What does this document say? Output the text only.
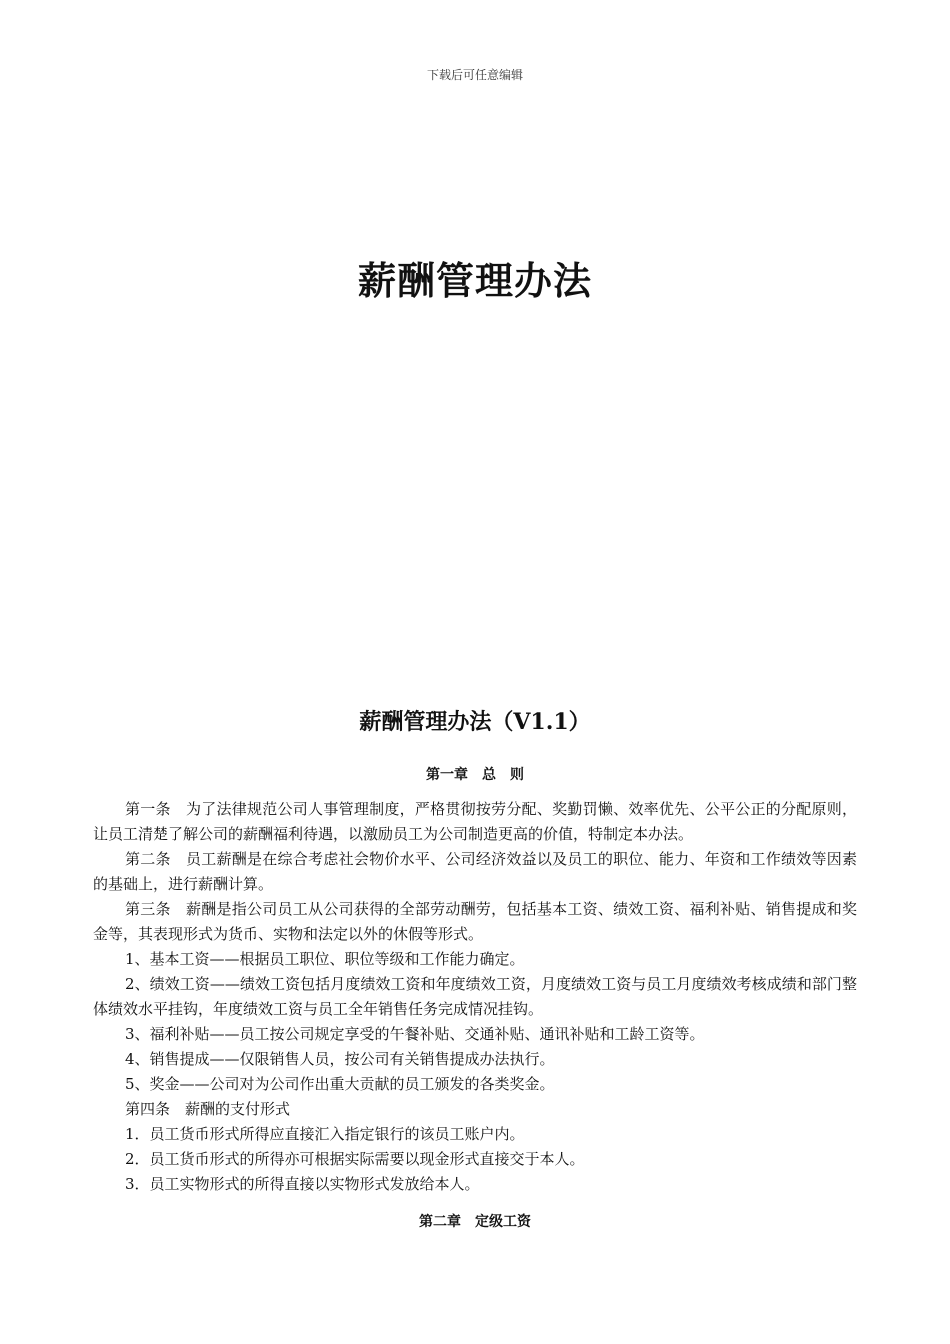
下载后可任意编辑
薪酬管理办法
薪酬管理办法（V1.1）
第一章　总　则

第一条　为了法律规范公司人事管理制度，严格贯彻按劳分配、奖勤罚懒、效率优先、公平公正的分配原则，让员工清楚了解公司的薪酬福利待遇，以激励员工为公司制造更高的价值，特制定本办法。

第二条　员工薪酬是在综合考虑社会物价水平、公司经济效益以及员工的职位、能力、年资和工作绩效等因素的基础上，进行薪酬计算。

第三条　薪酬是指公司员工从公司获得的全部劳动酬劳，包括基本工资、绩效工资、福利补贴、销售提成和奖金等，其表现形式为货币、实物和法定以外的休假等形式。

1、基本工资——根据员工职位、职位等级和工作能力确定。

2、绩效工资——绩效工资包括月度绩效工资和年度绩效工资，月度绩效工资与员工月度绩效考核成绩和部门整体绩效水平挂钩，年度绩效工资与员工全年销售任务完成情况挂钩。

3、福利补贴——员工按公司规定享受的午餐补贴、交通补贴、通讯补贴和工龄工资等。

4、销售提成——仅限销售人员，按公司有关销售提成办法执行。

5、奖金——公司对为公司作出重大贡献的员工颁发的各类奖金。

第四条　薪酬的支付形式

1．员工货币形式所得应直接汇入指定银行的该员工账户内。

2．员工货币形式的所得亦可根据实际需要以现金形式直接交于本人。

3．员工实物形式的所得直接以实物形式发放给本人。

第二章　定级工资
